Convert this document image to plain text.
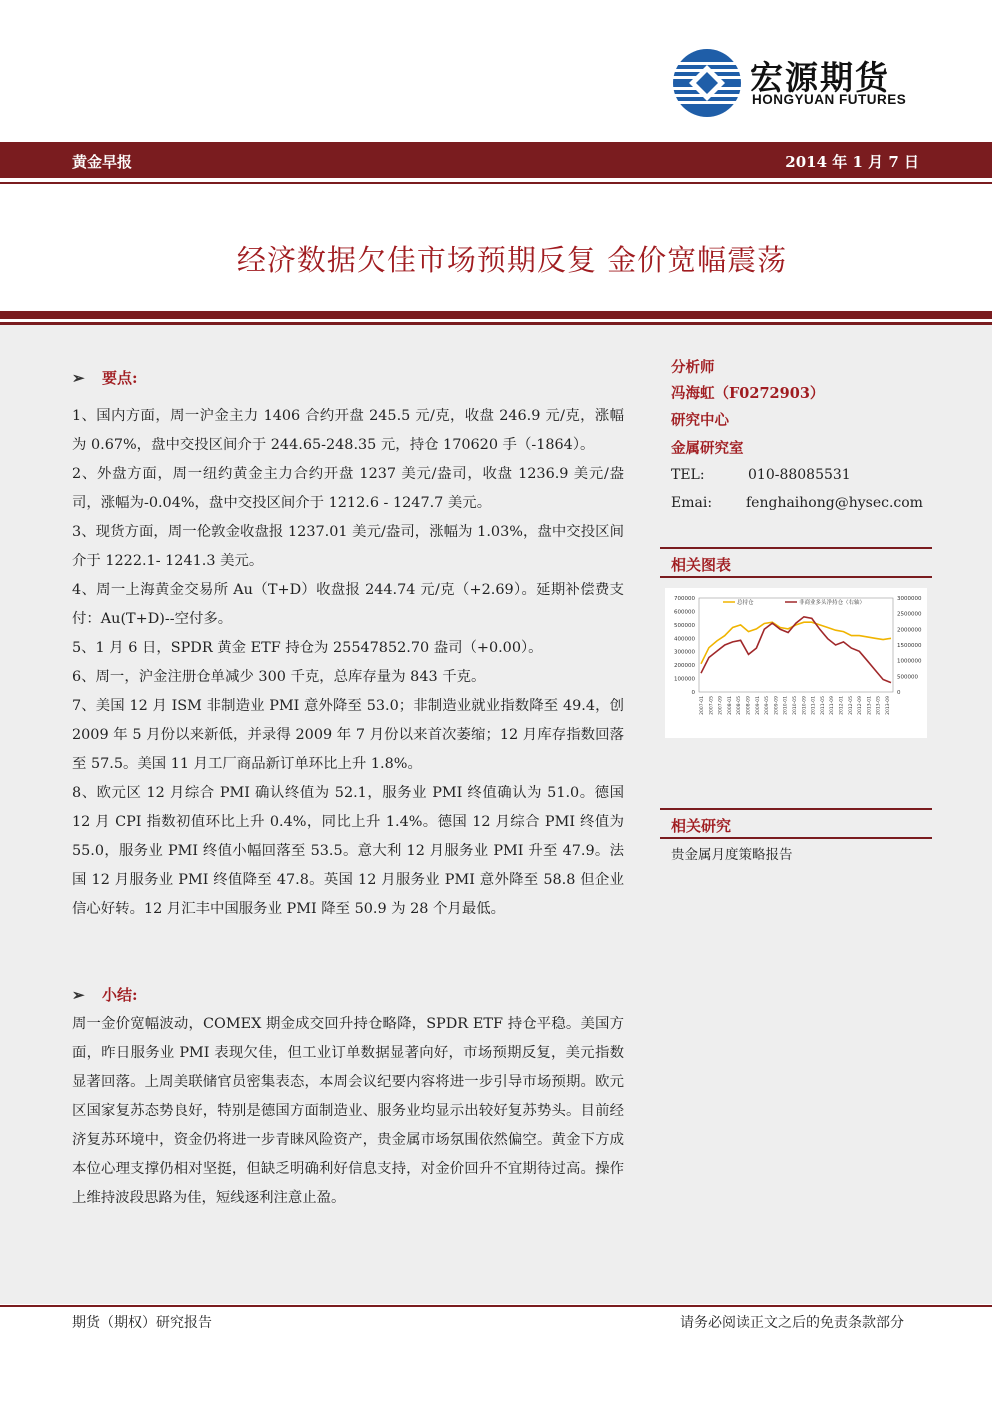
宏源期货
HONGYUAN FUTURES
黄金早报	2014 年 1 月 7 日
经济数据欠佳市场预期反复 金价宽幅震荡
➢ 要点:

1、国内方面，周一沪金主力 1406 合约开盘 245.5 元/克，收盘 246.9 元/克，涨幅为 0.67%，盘中交投区间介于 244.65-248.35 元，持仓 170620 手（-1864）。

2、外盘方面，周一纽约黄金主力合约开盘 1237 美元/盎司，收盘 1236.9 美元/盎司，涨幅为-0.04%，盘中交投区间介于 1212.6 - 1247.7 美元。

3、现货方面，周一伦敦金收盘报 1237.01 美元/盎司，涨幅为 1.03%，盘中交投区间介于 1222.1- 1241.3 美元。

4、周一上海黄金交易所 Au（T+D）收盘报 244.74 元/克（+2.69）。延期补偿费支付：Au(T+D)--空付多。

5、1 月 6 日，SPDR 黄金 ETF 持仓为 25547852.70 盎司（+0.00）。

6、周一，沪金注册仓单减少 300 千克，总库存量为 843 千克。

7、美国 12 月 ISM 非制造业 PMI 意外降至 53.0；非制造业就业指数降至 49.4，创 2009 年 5 月份以来新低，并录得 2009 年 7 月份以来首次萎缩；12 月库存指数回落至 57.5。美国 11 月工厂商品新订单环比上升 1.8%。

8、欧元区 12 月综合 PMI 确认终值为 52.1，服务业 PMI 终值确认为 51.0。德国 12 月 CPI 指数初值环比上升 0.4%，同比上升 1.4%。德国 12 月综合 PMI 终值为 55.0，服务业 PMI 终值小幅回落至 53.5。意大利 12 月服务业 PMI 升至 47.9。法国 12 月服务业 PMI 终值降至 47.8。英国 12 月服务业 PMI 意外降至 58.8 但企业信心好转。12 月汇丰中国服务业 PMI 降至 50.9 为 28 个月最低。

➢ 小结:

周一金价宽幅波动，COMEX 期金成交回升持仓略降，SPDR ETF 持仓平稳。美国方面，昨日服务业 PMI 表现欠佳，但工业订单数据显著向好，市场预期反复，美元指数显著回落。上周美联储官员密集表态，本周会议纪要内容将进一步引导市场预期。欧元区国家复苏态势良好，特别是德国方面制造业、服务业均显示出较好复苏势头。目前经济复苏环境中，资金仍将进一步青睐风险资产，贵金属市场氛围依然偏空。黄金下方成本位心理支撑仍相对坚挺，但缺乏明确利好信息支持，对金价回升不宜期待过高。操作上维持波段思路为佳，短线逐利注意止盈。

分析师
冯海虹（F0272903）
研究中心
金属研究室
TEL:	010-88085531
Emai: fenghaihong@hysec.com
相关图表
700000
600000
500000
400000
300000
200000
100000
0
3000000
2500000
2000000
1500000
1000000
500000
0
2007-01 2007-05 2007-09 2008-01 2008-05 2008-09 2009-01 2009-05 2009-09 2010-01 2010-05 2010-09 2011-01 2011-05 2011-09 2012-01 2012-05 2012-09 2013-01 2013-05 2013-09
总持仓	非商业多头净持仓（右轴）
相关研究
贵金属月度策略报告
期货（期权）研究报告	请务必阅读正文之后的免责条款部分
